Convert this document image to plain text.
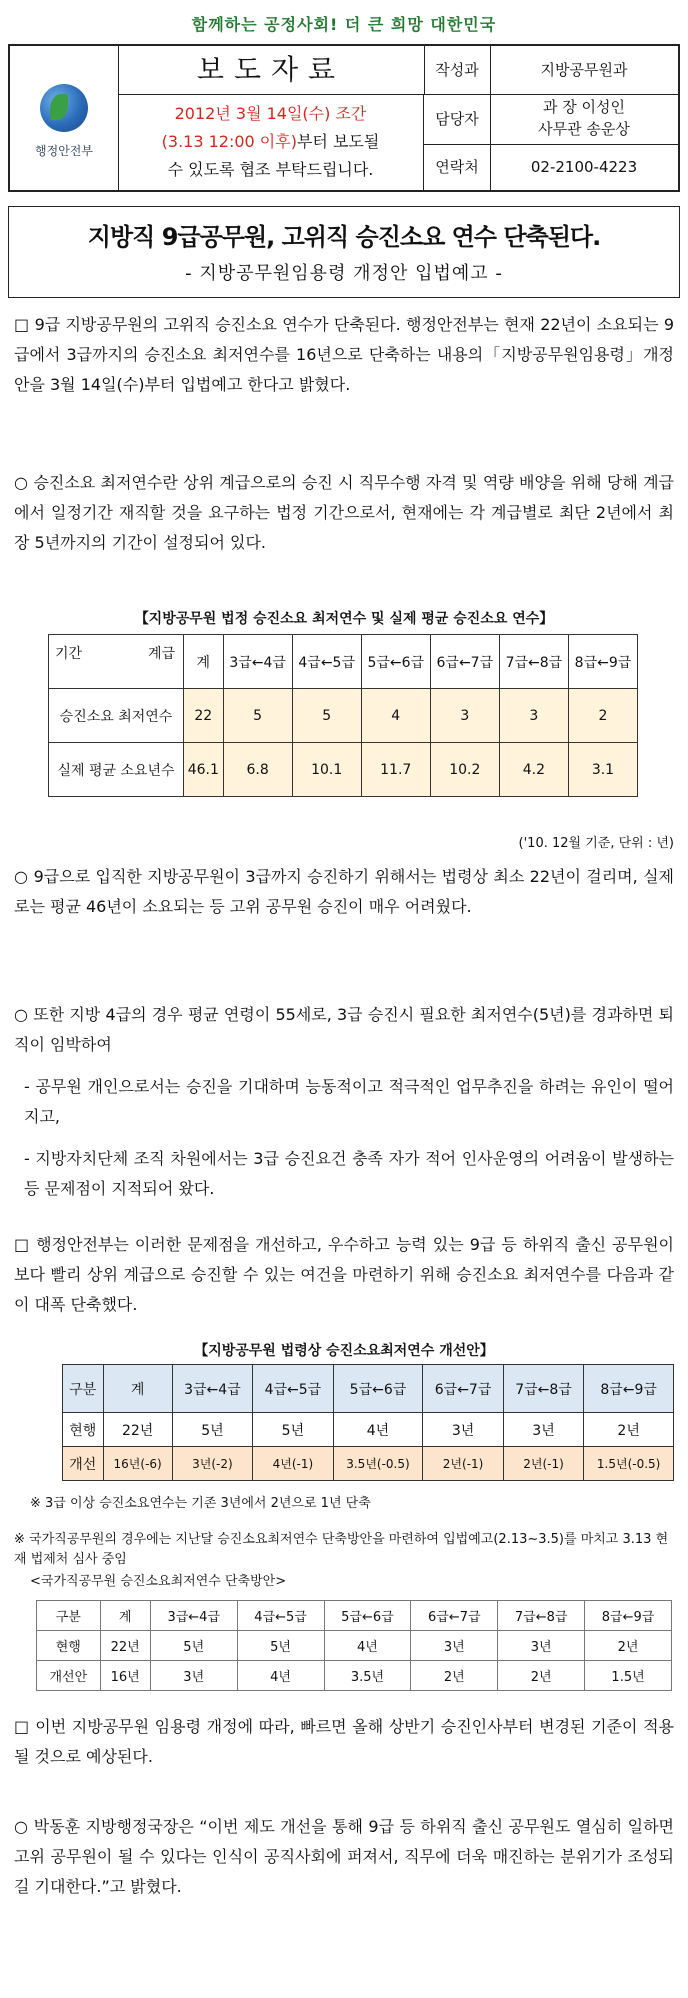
함께하는 공정사회! 더 큰 희망 대한민국
행정안전부
보도자료
2012년 3월 14일(수) 조간
(3.13 12:00 이후)부터 보도될
수 있도록 협조 부탁드립니다.
작성과	지방공무원과
담당자
과 장 이성인
사무관 송운상
연락처	02-2100-4223
지방직 9급공무원, 고위직 승진소요 연수 단축된다.
- 지방공무원임용령 개정안 입법예고 -
□ 9급 지방공무원의 고위직 승진소요 연수가 단축된다. 행정안전부는 현재 22년이 소요되는 9급에서 3급까지의 승진소요 최저연수를 16년으로 단축하는 내용의「지방공무원임용령」개정안을 3월 14일(수)부터 입법예고 한다고 밝혔다.
○ 승진소요 최저연수란 상위 계급으로의 승진 시 직무수행 자격 및 역량 배양을 위해 당해 계급에서 일정기간 재직할 것을 요구하는 법정 기간으로서, 현재에는 각 계급별로 최단 2년에서 최장 5년까지의 기간이 설정되어 있다.
【지방공무원 법정 승진소요 최저연수 및 실제 평균 승진소요 연수】
기간 계급	계	3급←4급	4급←5급	5급←6급	6급←7급	7급←8급	8급←9급
승진소요 최저연수	22	5	5	4	3	3	2
실제 평균 소요년수	46.1	6.8	10.1	11.7	10.2	4.2	3.1
('10. 12월 기준, 단위 : 년)
○ 9급으로 입직한 지방공무원이 3급까지 승진하기 위해서는 법령상 최소 22년이 걸리며, 실제로는 평균 46년이 소요되는 등 고위 공무원 승진이 매우 어려웠다.
○ 또한 지방 4급의 경우 평균 연령이 55세로, 3급 승진시 필요한 최저연수(5년)를 경과하면 퇴직이 임박하여
- 공무원 개인으로서는 승진을 기대하며 능동적이고 적극적인 업무추진을 하려는 유인이 떨어지고,
- 지방자치단체 조직 차원에서는 3급 승진요건 충족 자가 적어 인사운영의 어려움이 발생하는 등 문제점이 지적되어 왔다.
□ 행정안전부는 이러한 문제점을 개선하고, 우수하고 능력 있는 9급 등 하위직 출신 공무원이 보다 빨리 상위 계급으로 승진할 수 있는 여건을 마련하기 위해 승진소요 최저연수를 다음과 같이 대폭 단축했다.
【지방공무원 법령상 승진소요최저연수 개선안】
구분	계	3급←4급	4급←5급	5급←6급	6급←7급	7급←8급	8급←9급
현행	22년	5년	5년	4년	3년	3년	2년
개선	16년(-6)	3년(-2)	4년(-1)	3.5년(-0.5)	2년(-1)	2년(-1)	1.5년(-0.5)
※ 3급 이상 승진소요연수는 기존 3년에서 2년으로 1년 단축
※ 국가직공무원의 경우에는 지난달 승진소요최저연수 단축방안을 마련하여 입법예고(2.13∼3.5)를 마치고 3.13 현재 법제처 심사 중임
<국가직공무원 승진소요최저연수 단축방안>
구분	계	3급←4급	4급←5급	5급←6급	6급←7급	7급←8급	8급←9급
현행	22년	5년	5년	4년	3년	3년	2년
개선안	16년	3년	4년	3.5년	2년	2년	1.5년
□ 이번 지방공무원 임용령 개정에 따라, 빠르면 올해 상반기 승진인사부터 변경된 기준이 적용될 것으로 예상된다.
○ 박동훈 지방행정국장은 “이번 제도 개선을 통해 9급 등 하위직 출신 공무원도 열심히 일하면 고위 공무원이 될 수 있다는 인식이 공직사회에 퍼져서, 직무에 더욱 매진하는 분위기가 조성되길 기대한다.”고 밝혔다.
